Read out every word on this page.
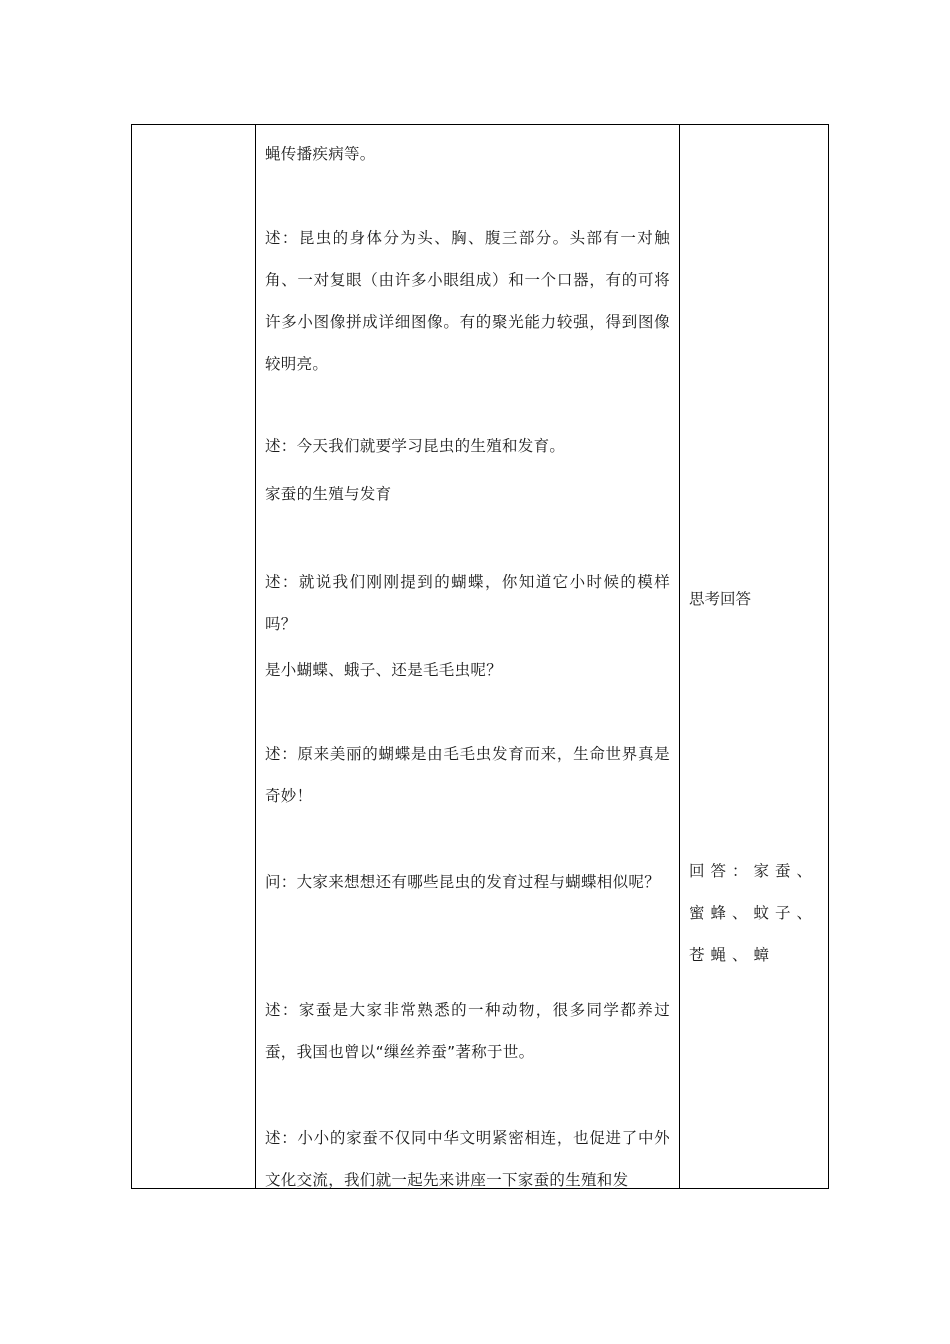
蝇传播疾病等。
述：昆虫的身体分为头、胸、腹三部分。头部有一对触角、一对复眼（由许多小眼组成）和一个口器，有的可将许多小图像拼成详细图像。有的聚光能力较强，得到图像较明亮。
述：今天我们就要学习昆虫的生殖和发育。
家蚕的生殖与发育
述：就说我们刚刚提到的蝴蝶，你知道它小时候的模样吗？
是小蝴蝶、蛾子、还是毛毛虫呢？
述：原来美丽的蝴蝶是由毛毛虫发育而来，生命世界真是奇妙！
问：大家来想想还有哪些昆虫的发育过程与蝴蝶相似呢？
述：家蚕是大家非常熟悉的一种动物，很多同学都养过蚕，我国也曾以“缫丝养蚕”著称于世。
述：小小的家蚕不仅同中华文明紧密相连，也促进了中外文化交流，我们就一起先来讲座一下家蚕的生殖和发
思考回答
回答：家蚕、蜜蜂、蚊子、苍蝇、蟑
